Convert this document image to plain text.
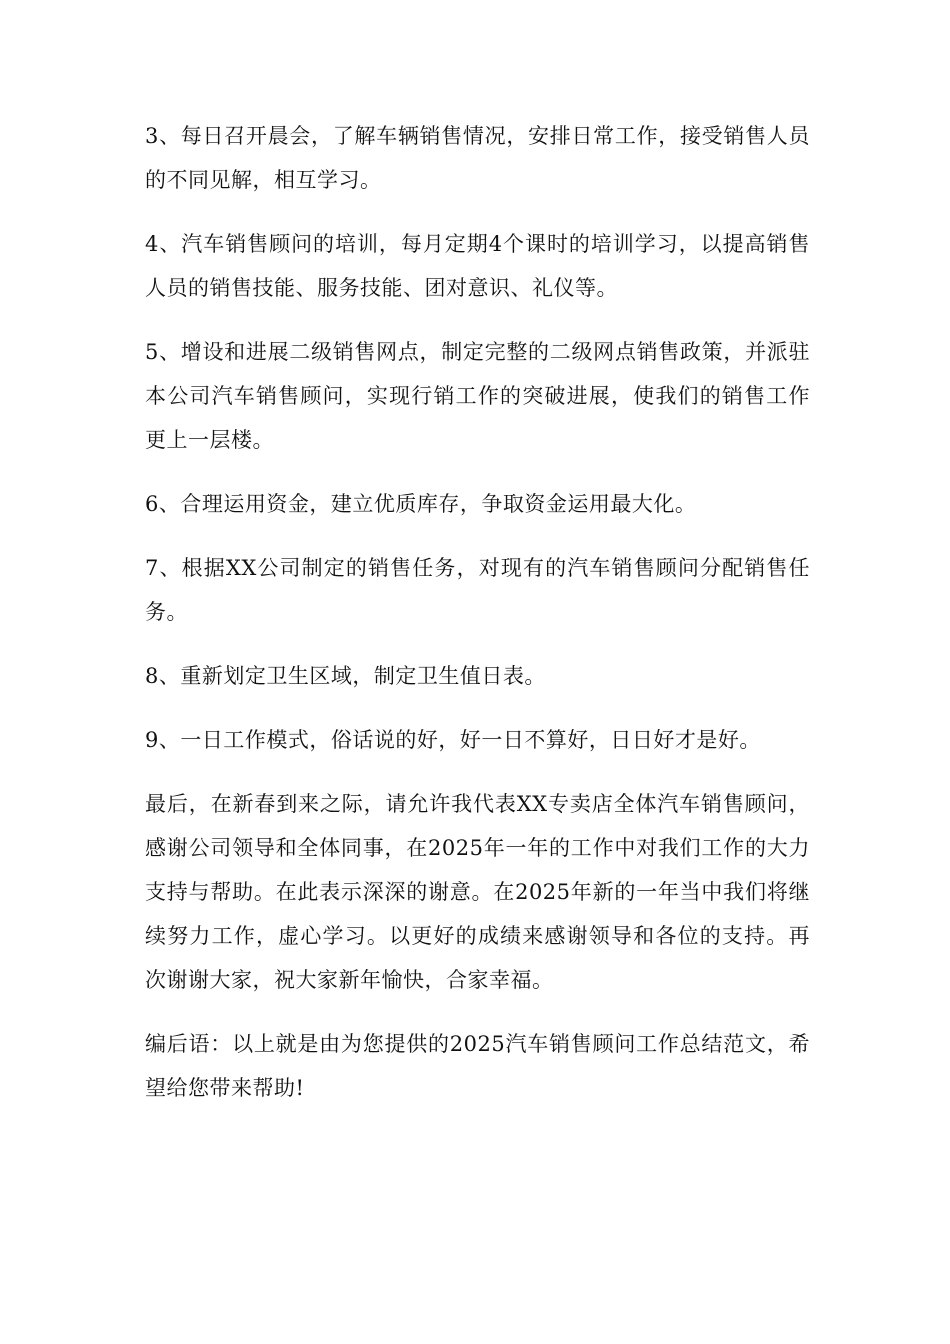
3、每日召开晨会，了解车辆销售情况，安排日常工作，接受销售人员的不同见解，相互学习。

4、汽车销售顾问的培训，每月定期4个课时的培训学习，以提高销售人员的销售技能、服务技能、团对意识、礼仪等。

5、增设和进展二级销售网点，制定完整的二级网点销售政策，并派驻本公司汽车销售顾问，实现行销工作的突破进展，使我们的销售工作更上一层楼。

6、合理运用资金，建立优质库存，争取资金运用最大化。

7、根据XX公司制定的销售任务，对现有的汽车销售顾问分配销售任务。

8、重新划定卫生区域，制定卫生值日表。

9、一日工作模式，俗话说的好，好一日不算好，日日好才是好。

最后，在新春到来之际，请允许我代表XX专卖店全体汽车销售顾问，感谢公司领导和全体同事，在2025年一年的工作中对我们工作的大力支持与帮助。在此表示深深的谢意。在2025年新的一年当中我们将继续努力工作，虚心学习。以更好的成绩来感谢领导和各位的支持。再次谢谢大家，祝大家新年愉快，合家幸福。

编后语：以上就是由为您提供的2025汽车销售顾问工作总结范文，希望给您带来帮助!
